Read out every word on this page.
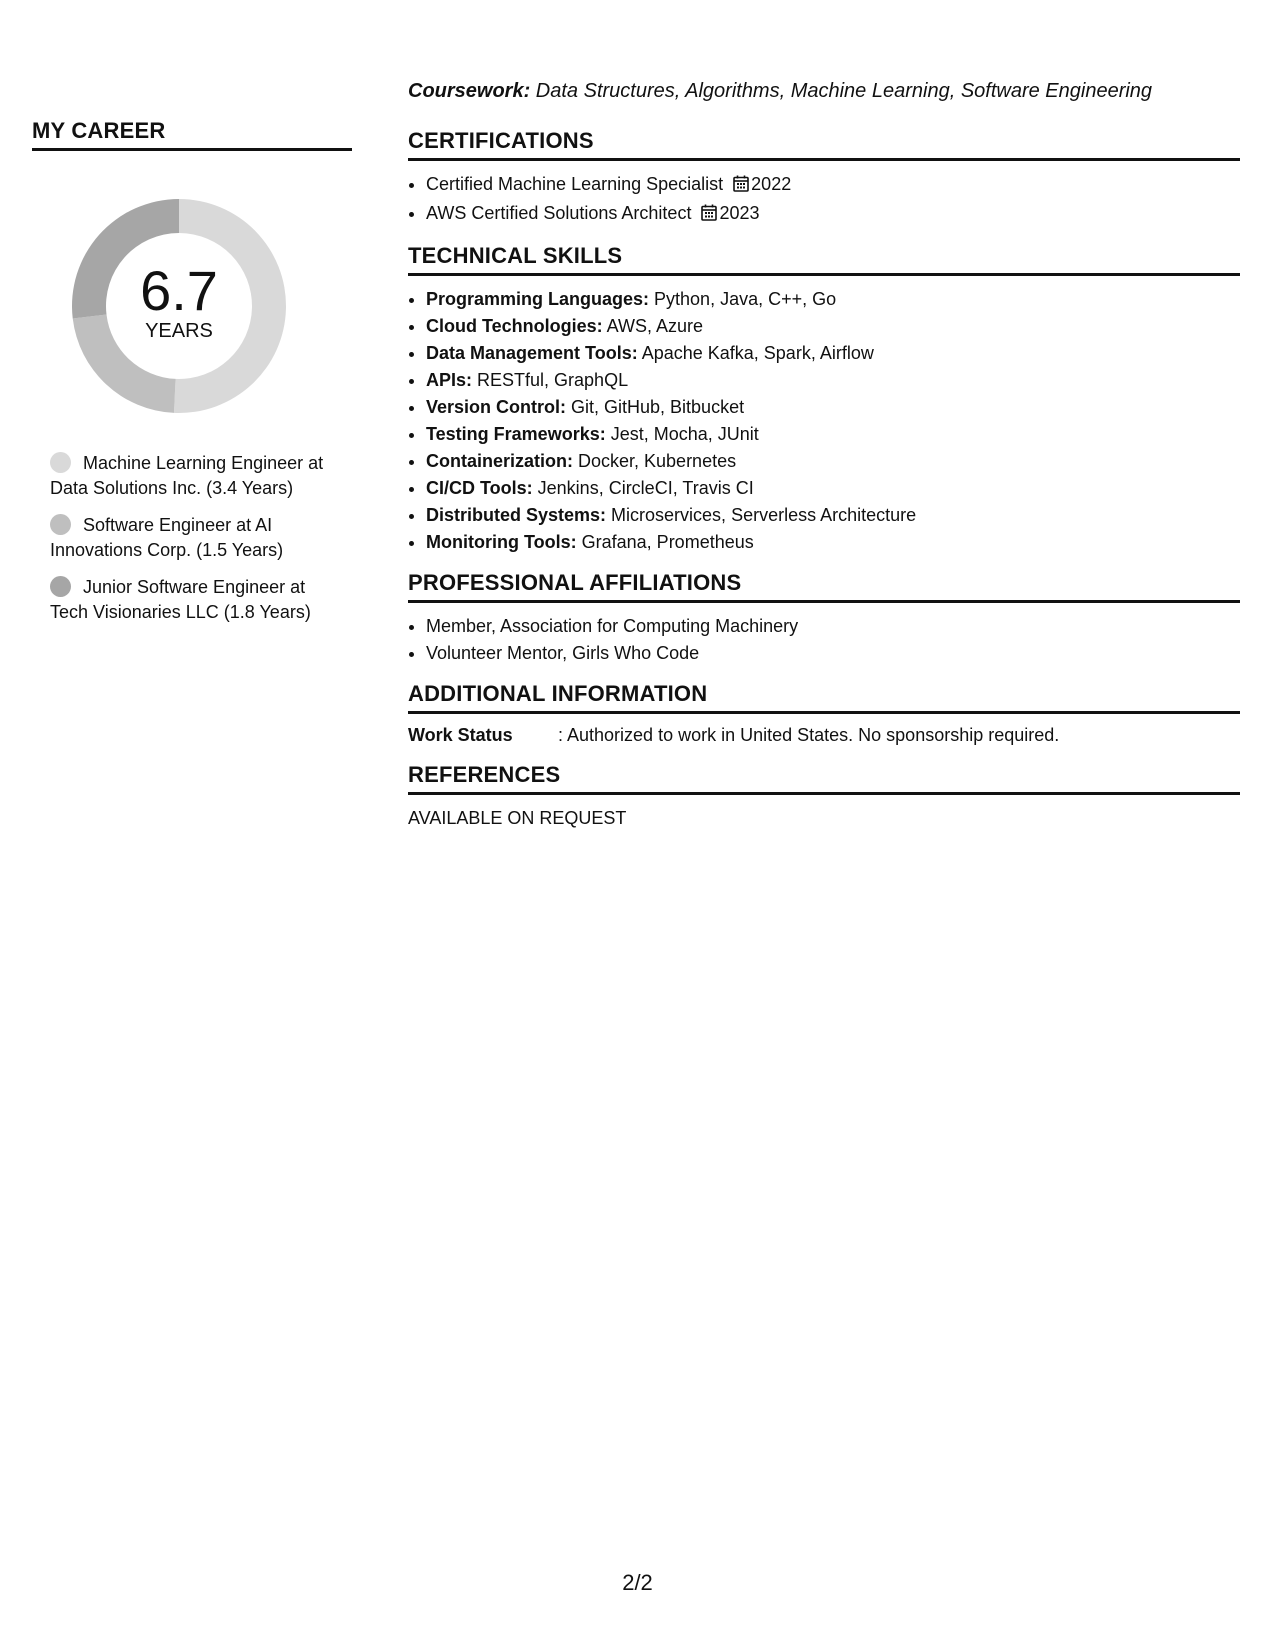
MY CAREER
6.7
YEARS
Machine Learning Engineer at Data Solutions Inc. (3.4 Years)
Software Engineer at AI Innovations Corp. (1.5 Years)
Junior Software Engineer at Tech Visionaries LLC (1.8 Years)

Coursework: Data Structures, Algorithms, Machine Learning, Software Engineering

CERTIFICATIONS
• Certified Machine Learning Specialist 2022
• AWS Certified Solutions Architect 2023
TECHNICAL SKILLS
• Programming Languages: Python, Java, C++, Go
• Cloud Technologies: AWS, Azure
• Data Management Tools: Apache Kafka, Spark, Airflow
• APIs: RESTful, GraphQL
• Version Control: Git, GitHub, Bitbucket
• Testing Frameworks: Jest, Mocha, JUnit
• Containerization: Docker, Kubernetes
• CI/CD Tools: Jenkins, CircleCI, Travis CI
• Distributed Systems: Microservices, Serverless Architecture
• Monitoring Tools: Grafana, Prometheus
PROFESSIONAL AFFILIATIONS
• Member, Association for Computing Machinery
• Volunteer Mentor, Girls Who Code
ADDITIONAL INFORMATION
Work Status	: Authorized to work in United States. No sponsorship required.
REFERENCES

AVAILABLE ON REQUEST

2/2
